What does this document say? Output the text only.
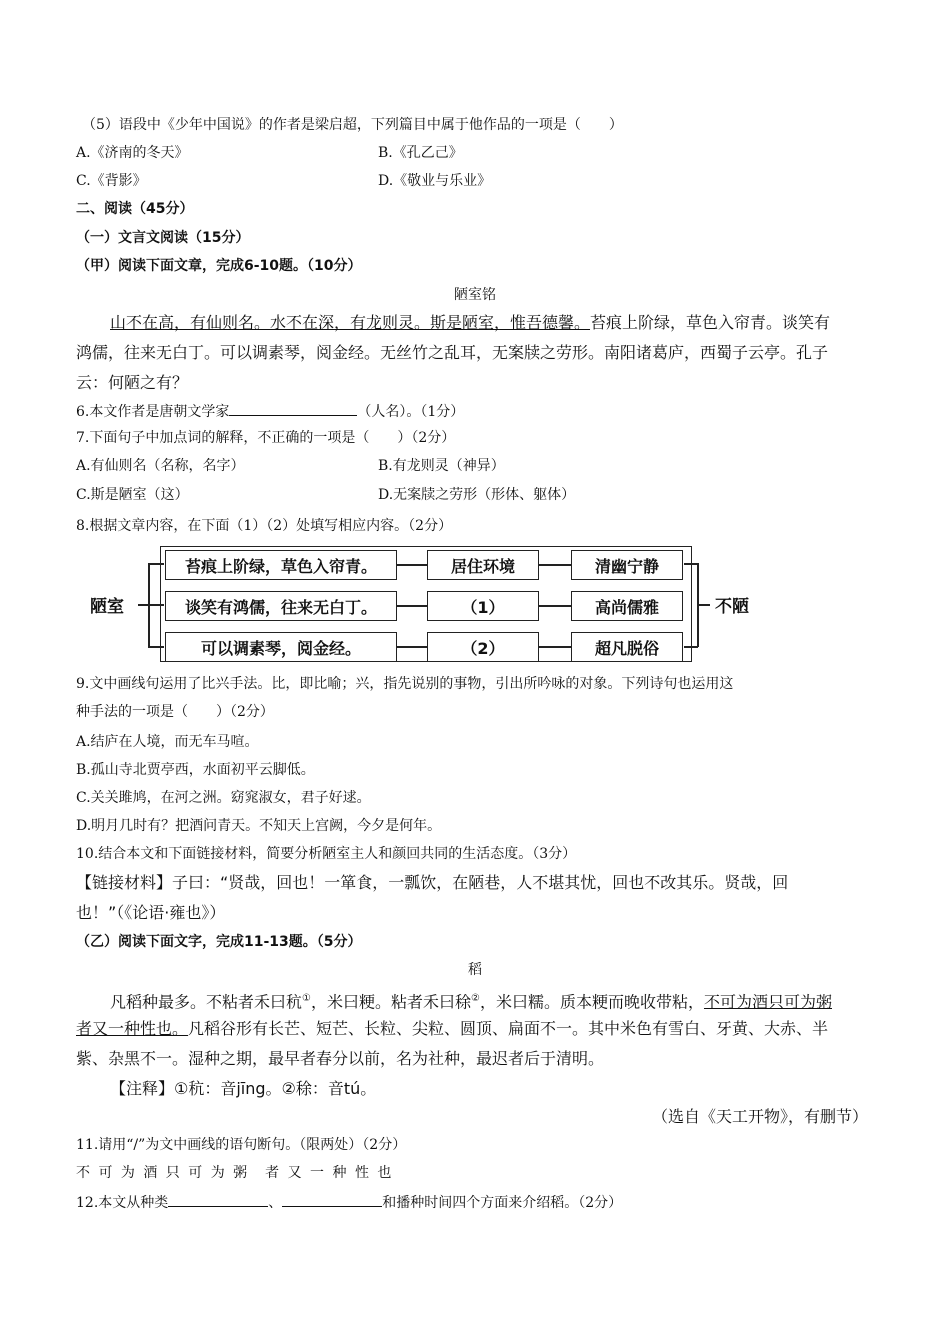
（5）语段中《少年中国说》的作者是梁启超，下列篇目中属于他作品的一项是（　　）
A.《济南的冬天》	B.《孔乙己》
C.《背影》	D.《敬业与乐业》
二、阅读（45分）
（一）文言文阅读（15分）
（甲）阅读下面文章，完成6-10题。（10分）
陋室铭
山不在高，有仙则名。水不在深，有龙则灵。斯是陋室，惟吾德馨。苔痕上阶绿，草色入帘青。谈笑有
鸿儒，往来无白丁。可以调素琴，阅金经。无丝竹之乱耳，无案牍之劳形。南阳诸葛庐，西蜀子云亭。孔子
云：何陋之有？
6.本文作者是唐朝文学家	（人名）。（1分）
7.下面句子中加点词的解释，不正确的一项是（　　）（2分）
A.有仙则名（名称，名字）	B.有龙则灵（神异）
C.斯是陋室（这）	D.无案牍之劳形（形体、躯体）
8.根据文章内容，在下面（1）（2）处填写相应内容。（2分）
陋室	不陋
苔痕上阶绿，草色入帘青。	居住环境	清幽宁静
谈笑有鸿儒，往来无白丁。	（1）	高尚儒雅
可以调素琴，阅金经。	（2）	超凡脱俗
9.文中画线句运用了比兴手法。比，即比喻；兴，指先说别的事物，引出所吟咏的对象。下列诗句也运用这
种手法的一项是（　　）（2分）
A.结庐在人境，而无车马喧。
B.孤山寺北贾亭西，水面初平云脚低。
C.关关雎鸠，在河之洲。窈窕淑女，君子好逑。
D.明月几时有？把酒问青天。不知天上宫阙，今夕是何年。
10.结合本文和下面链接材料，简要分析陋室主人和颜回共同的生活态度。（3分）
【链接材料】子曰：“贤哉，回也！一箪食，一瓢饮，在陋巷，人不堪其忧，回也不改其乐。贤哉，回
也！”（《论语·雍也》）
（乙）阅读下面文字，完成11-13题。（5分）
稻
凡稻种最多。不粘者禾曰秔①，米曰粳。粘者禾曰稌②，米曰糯。质本粳而晚收带粘，不可为酒只可为粥
者又一种性也。凡稻谷形有长芒、短芒、长粒、尖粒、圆顶、扁面不一。其中米色有雪白、牙黄、大赤、半
紫、杂黑不一。湿种之期，最早者春分以前，名为社种，最迟者后于清明。
【注释】①秔：音jīng。②稌：音tú。
（选自《天工开物》，有删节）
11.请用“/”为文中画线的语句断句。（限两处）（2分）
不 可 为 酒 只 可 为 粥　者 又 一 种 性 也
12.本文从种类	、	和播种时间四个方面来介绍稻。（2分）
